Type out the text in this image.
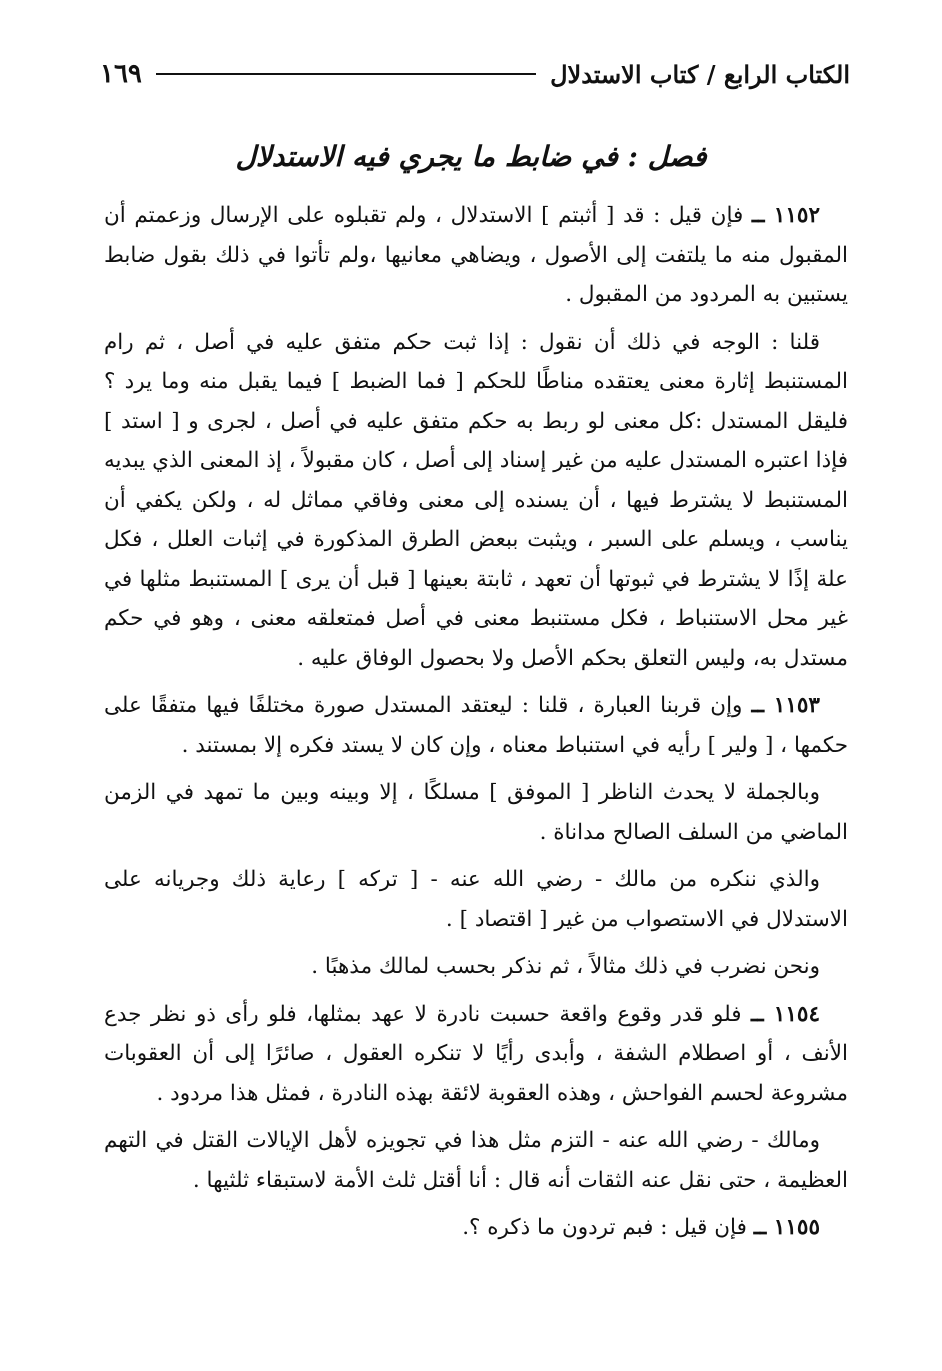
الكتاب الرابع / كتاب الاستدلال
١٦٩
فصل : في ضابط ما يجري فيه الاستدلال

١١٥٢ ــ فإن قيل : قد [ أثبتم ] الاستدلال ، ولم تقبلوه على الإرسال وزعمتم أن المقبول منه ما يلتفت إلى الأصول ، ويضاهي معانيها ،ولم تأتوا في ذلك بقول ضابط يستبين به المردود من المقبول .

قلنا : الوجه في ذلك أن نقول : إذا ثبت حكم متفق عليه في أصل ، ثم رام المستنبط إثارة معنى يعتقده مناطًا للحكم [ فما الضبط ] فيما يقبل منه وما يرد ؟ فليقل المستدل :كل معنى لو ربط به حكم متفق عليه في أصل ، لجرى و [ استد ] فإذا اعتبره المستدل عليه من غير إسناد إلى أصل ، كان مقبولاً ، إذ المعنى الذي يبديه المستنبط لا يشترط فيها ، أن يسنده إلى معنى وفاقي مماثل له ، ولكن يكفي أن يناسب ، ويسلم على السبر ، ويثبت ببعض الطرق المذكورة في إثبات العلل ، فكل علة إذًا لا يشترط في ثبوتها أن تعهد ، ثابتة بعينها [ قبل أن يرى ] المستنبط مثلها في غير محل الاستنباط ، فكل مستنبط معنى في أصل فمتعلقه معنى ، وهو في حكم مستدل به، وليس التعلق بحكم الأصل ولا بحصول الوفاق عليه .

١١٥٣ ــ وإن قربنا العبارة ، قلنا : ليعتقد المستدل صورة مختلفًا فيها متفقًا على حكمها ، [ ولير ] رأيه في استنباط معناه ، وإن كان لا يستد فكره إلا بمستند .

وبالجملة لا يحدث الناظر [ الموفق ] مسلكًا ، إلا وبينه وبين ما تمهد في الزمن الماضي من السلف الصالح مداناة .

والذي ننكره من مالك - رضي الله عنه - [ تركه ] رعاية ذلك وجريانه على الاستدلال في الاستصواب من غير [ اقتصاد ] .

ونحن نضرب في ذلك مثالاً ، ثم نذكر بحسب لمالك مذهبًا .

١١٥٤ ــ فلو قدر وقوع واقعة حسبت نادرة لا عهد بمثلها، فلو رأى ذو نظر جدع الأنف ، أو اصطلام الشفة ، وأبدى رأيًا لا تنكره العقول ، صائرًا إلى أن العقوبات مشروعة لحسم الفواحش ، وهذه العقوبة لائقة بهذه النادرة ، فمثل هذا مردود .

ومالك - رضي الله عنه - التزم مثل هذا في تجويزه لأهل الإيالات القتل في التهم العظيمة ، حتى نقل عنه الثقات أنه قال : أنا أقتل ثلث الأمة لاستبقاء ثلثيها .

١١٥٥ ــ فإن قيل : فبم تردون ما ذكره ؟.
